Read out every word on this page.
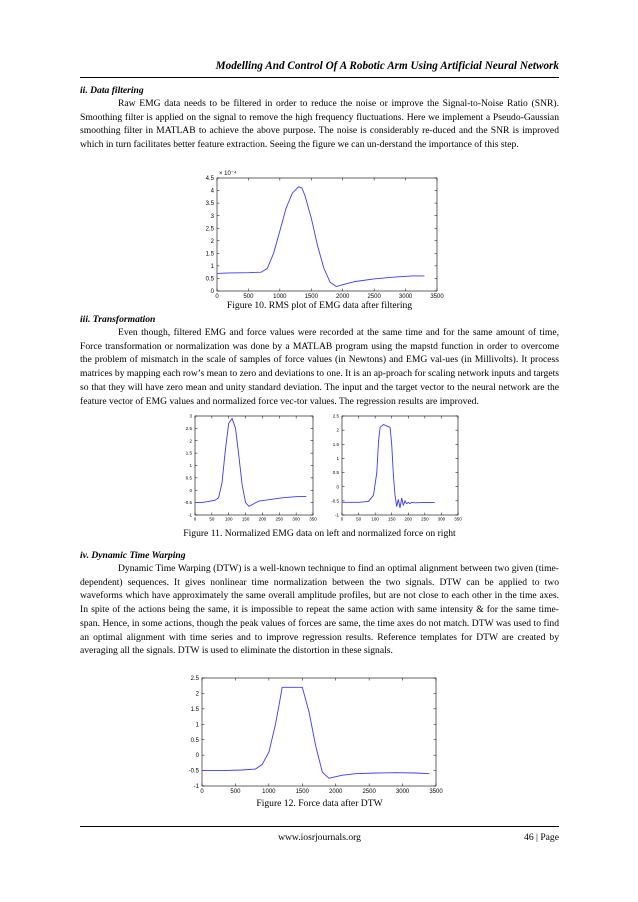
Modelling And Control Of A Robotic Arm Using Artificial Neural Network
ii. Data filtering

Raw EMG data needs to be filtered in order to reduce the noise or improve the Signal-to-Noise Ratio (SNR). Smoothing filter is applied on the signal to remove the high frequency fluctuations. Here we implement a Pseudo-Gaussian smoothing filter in MATLAB to achieve the above purpose. The noise is considerably re-duced and the SNR is improved which in turn facilitates better feature extraction. Seeing the figure we can un-derstand the importance of this step.

0	500	1000	1500	2000	2500	3000	3500
0
0.5
1
1.5
2
2.5
3
3.5
4
4.5
× 10⁻⁴
Figure 10. RMS plot of EMG data after filtering
iii. Transformation

Even though, filtered EMG and force values were recorded at the same time and for the same amount of time, Force transformation or normalization was done by a MATLAB program using the mapstd function in order to overcome the problem of mismatch in the scale of samples of force values (in Newtons) and EMG val-ues (in Millivolts). It process matrices by mapping each row’s mean to zero and deviations to one. It is an ap-proach for scaling network inputs and targets so that they will have zero mean and unity standard deviation. The input and the target vector to the neural network are the feature vector of EMG values and normalized force vec-tor values. The regression results are improved.

0	50 100 150 200 250 300 350
-1
-0.5
0
0.5
1
1.5
2
2.5
3
0	50 100 150 200 250 300 350
-1
-0.5
0
0.5
1
1.5
2
2.5
Figure 11. Normalized EMG data on left and normalized force on right
iv. Dynamic Time Warping

Dynamic Time Warping (DTW) is a well-known technique to find an optimal alignment between two given (time-dependent) sequences. It gives nonlinear time normalization between the two signals. DTW can be applied to two waveforms which have approximately the same overall amplitude profiles, but are not close to each other in the time axes. In spite of the actions being the same, it is impossible to repeat the same action with same intensity & for the same time-span. Hence, in some actions, though the peak values of forces are same, the time axes do not match. DTW was used to find an optimal alignment with time series and to improve regression results. Reference templates for DTW are created by averaging all the signals. DTW is used to eliminate the distortion in these signals.

0	500	1000	1500	2000	2500	3000	3500
-1
-0.5
0
0.5
1
1.5
2
2.5
Figure 12. Force data after DTW
www.iosrjournals.org	46 | Page
